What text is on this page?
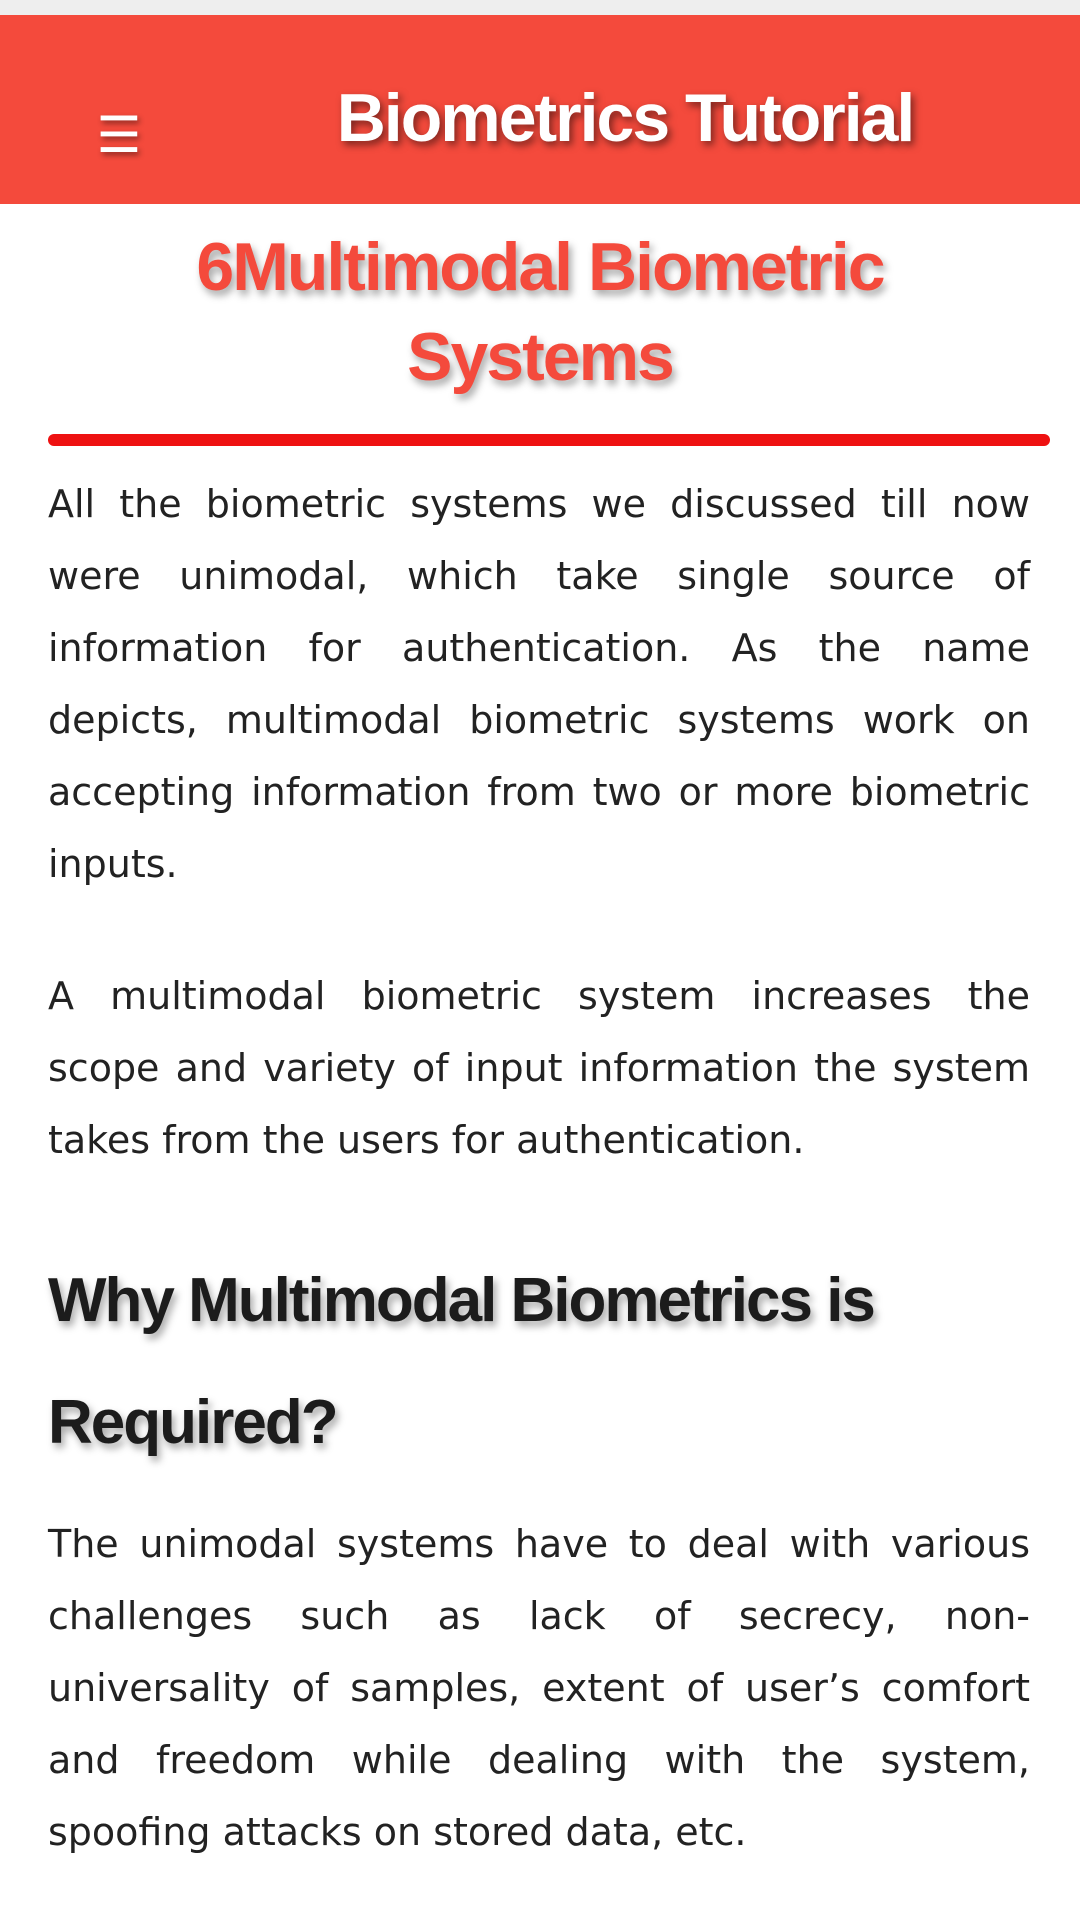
☰	Biometrics Tutorial
6Multimodal Biometric Systems

All the biometric systems we discussed till now were unimodal, which take single source of information for authentication. As the name depicts, multimodal biometric systems work on accepting information from two or more biometric inputs.

A multimodal biometric system increases the scope and variety of input information the system takes from the users for authentication.

Why Multimodal Biometrics is Required?

The unimodal systems have to deal with various challenges such as lack of secrecy, non-universality of samples, extent of user’s comfort and freedom while dealing with the system, spoofing attacks on stored data, etc.
